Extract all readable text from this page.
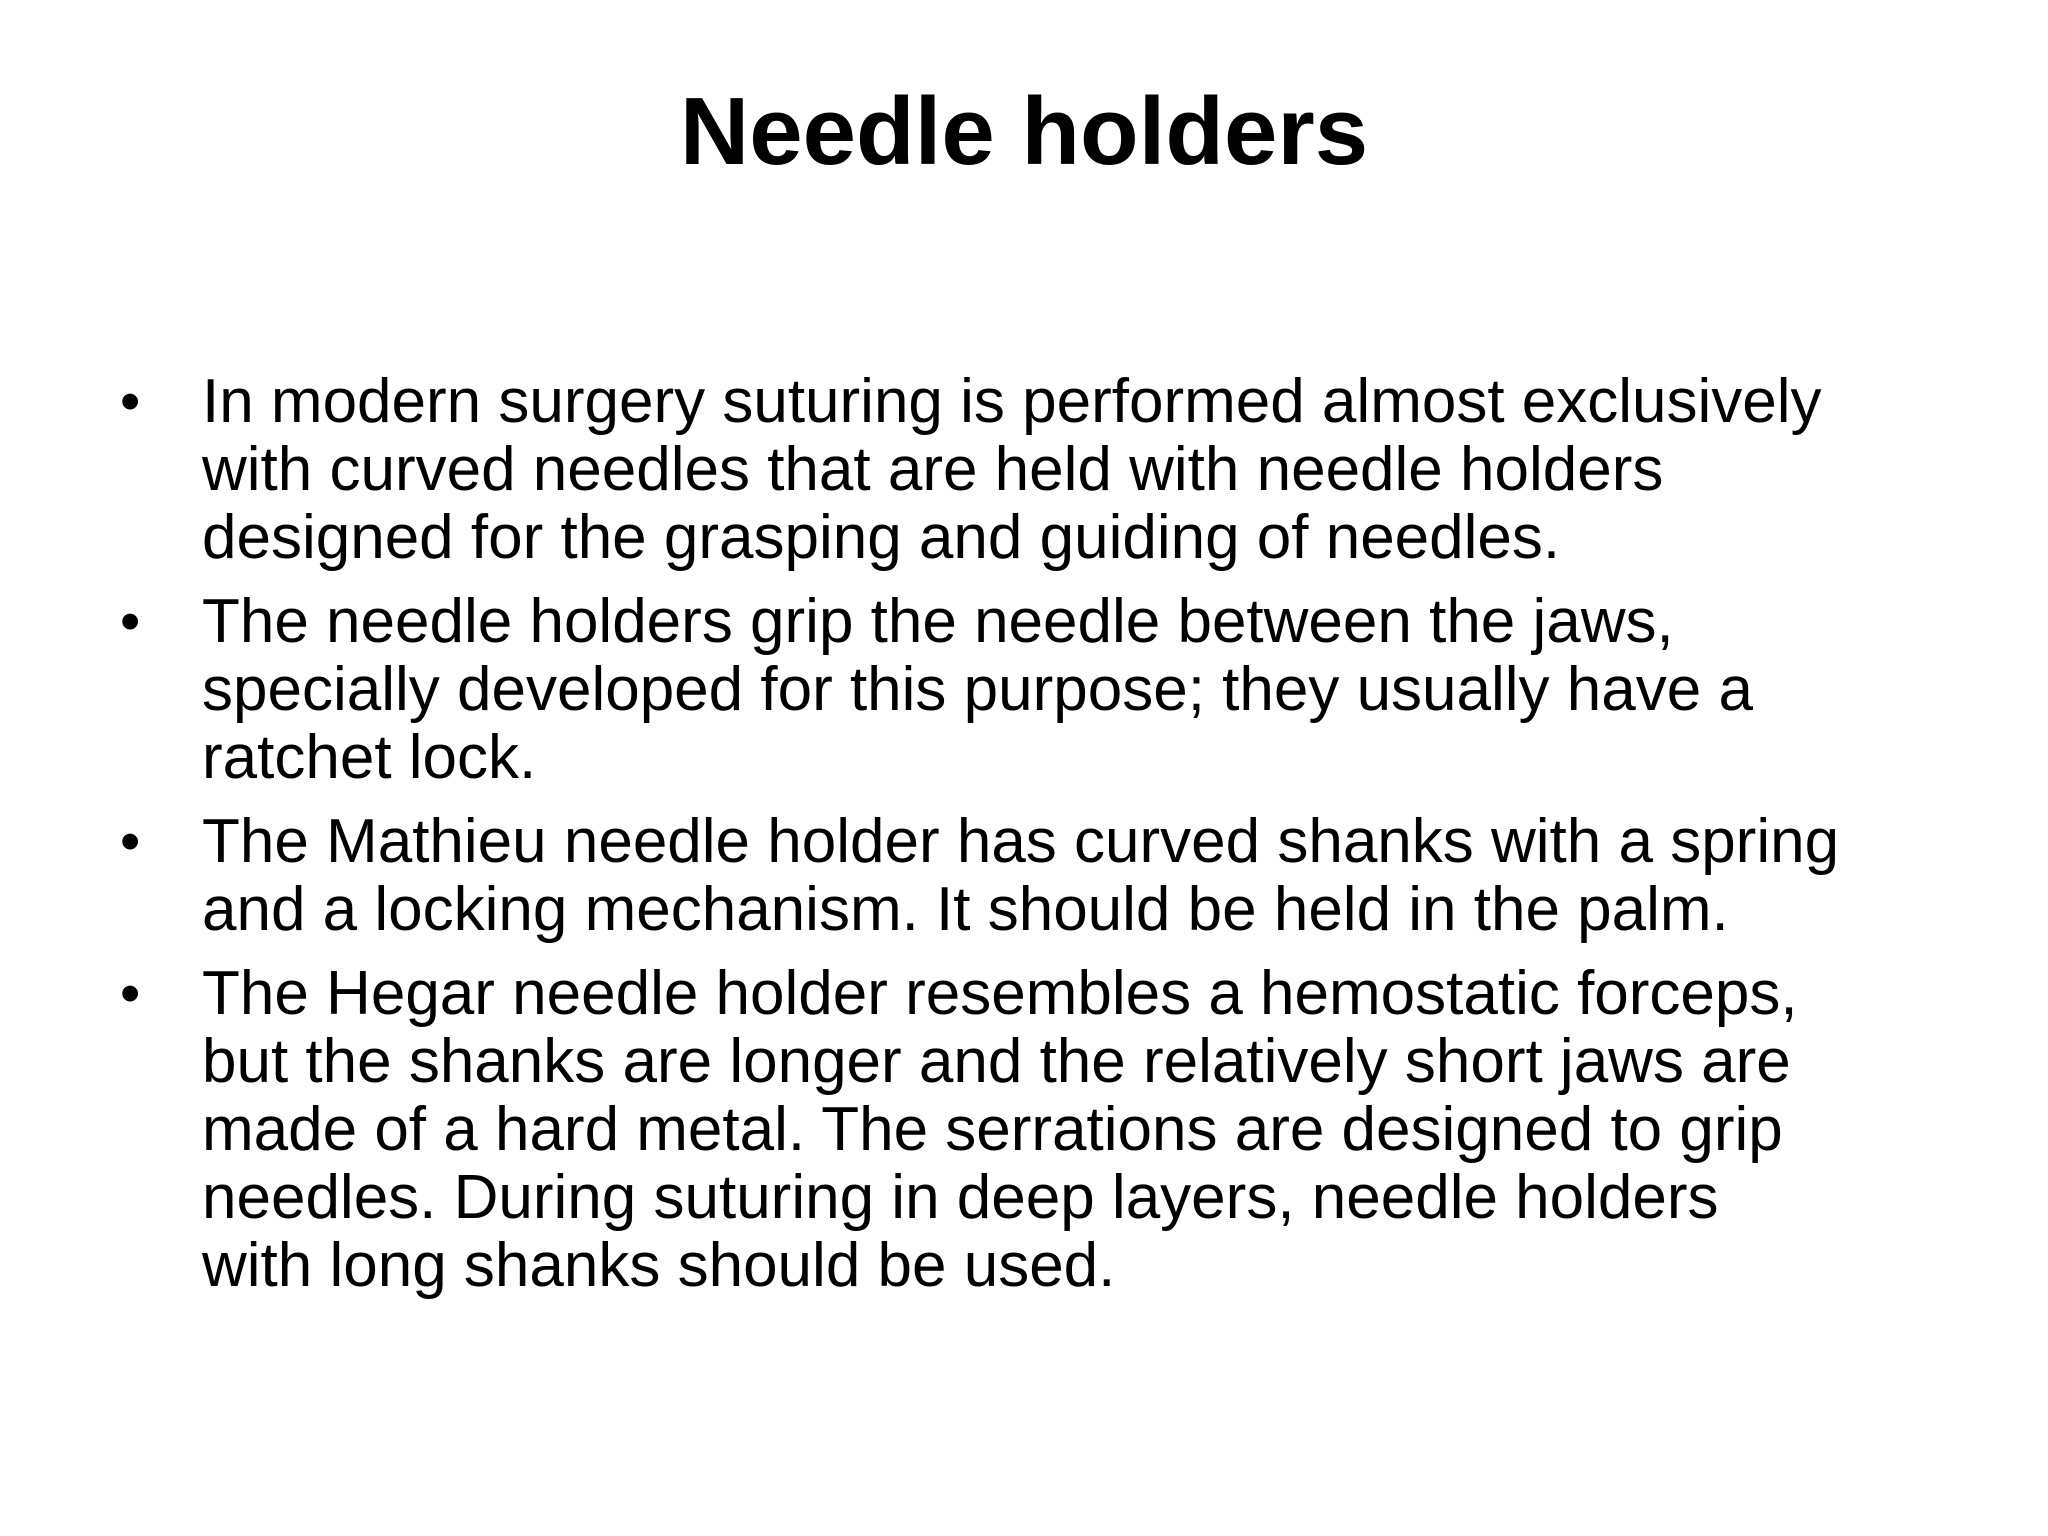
Needle holders
• In modern surgery suturing is performed almost exclusively
with curved needles that are held with needle holders
designed for the grasping and guiding of needles.
• The needle holders grip the needle between the jaws,
specially developed for this purpose; they usually have a
ratchet lock.
• The Mathieu needle holder has curved shanks with a spring
and a locking mechanism. It should be held in the palm.
• The Hegar needle holder resembles a hemostatic forceps,
but the shanks are longer and the relatively short jaws are
made of a hard metal. The serrations are designed to grip
needles. During suturing in deep layers, needle holders
with long shanks should be used.
